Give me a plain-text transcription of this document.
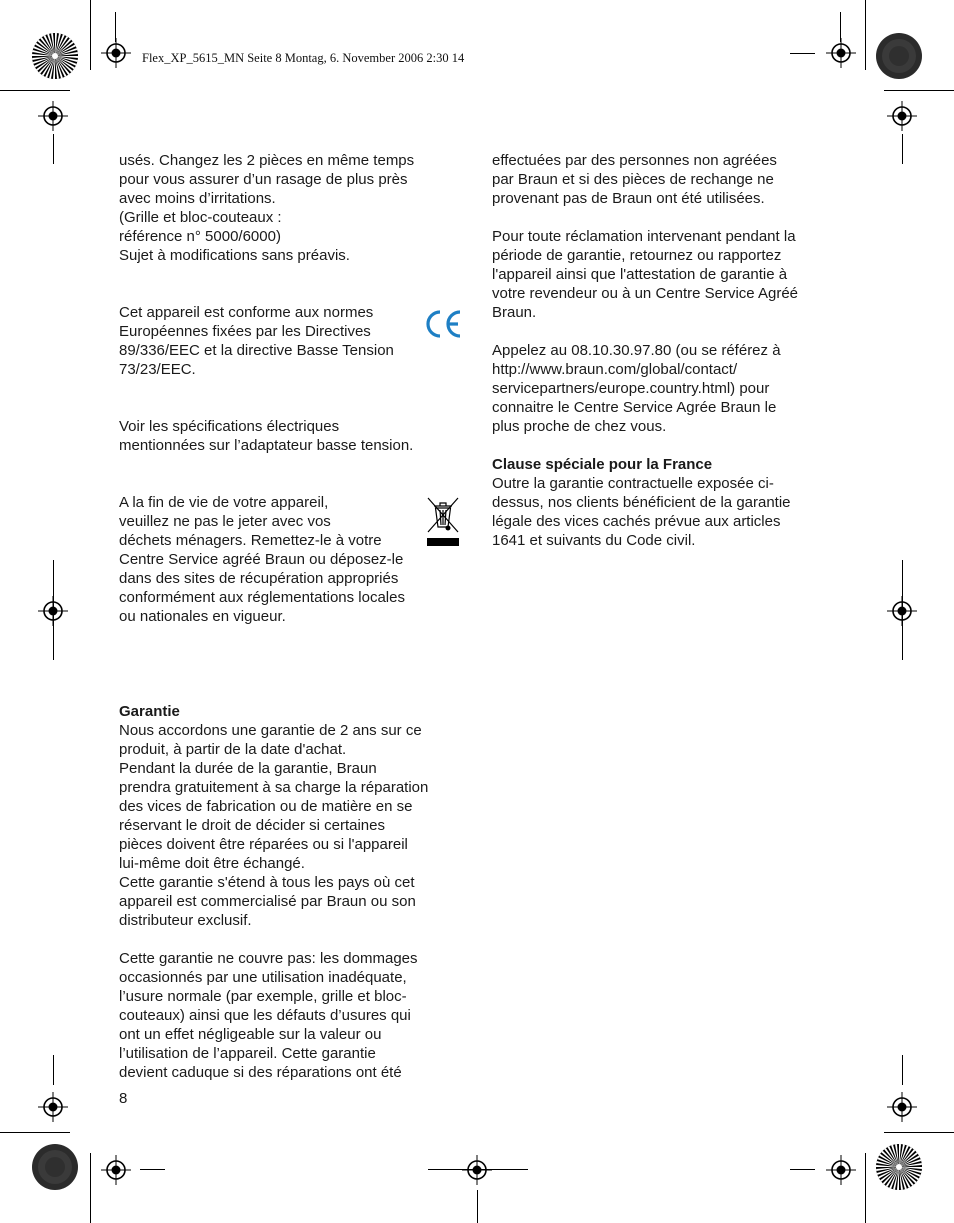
Flex_XP_5615_MN Seite 8 Montag, 6. November 2006 2:30 14

usés. Changez les 2 pièces en même temps
pour vous assurer d’un rasage de plus près
avec moins d’irritations.
(Grille et bloc-couteaux :
référence n° 5000/6000)
Sujet à modifications sans préavis.

Cet appareil est conforme aux normes
Européennes fixées par les Directives
89/336/EEC et la directive Basse Tension
73/23/EEC.

Voir les spécifications électriques
mentionnées sur l’adaptateur basse tension.

A la fin de vie de votre appareil,
veuillez ne pas le jeter avec vos
déchets ménagers. Remettez-le à votre
Centre Service agréé Braun ou déposez-le
dans des sites de récupération appropriés
conformément aux réglementations locales
ou nationales en vigueur.

Garantie

Nous accordons une garantie de 2 ans sur ce
produit, à partir de la date d'achat.
Pendant la durée de la garantie, Braun
prendra gratuitement à sa charge la réparation
des vices de fabrication ou de matière en se
réservant le droit de décider si certaines
pièces doivent être réparées ou si l'appareil
lui-même doit être échangé.
Cette garantie s'étend à tous les pays où cet
appareil est commercialisé par Braun ou son
distributeur exclusif.

Cette garantie ne couvre pas: les dommages
occasionnés par une utilisation inadéquate,
l’usure normale (par exemple, grille et bloc-
couteaux) ainsi que les défauts d’usures qui
ont un effet négligeable sur la valeur ou
l’utilisation de l’appareil. Cette garantie
devient caduque si des réparations ont été

effectuées par des personnes non agréées
par Braun et si des pièces de rechange ne
provenant pas de Braun ont été utilisées.

Pour toute réclamation intervenant pendant la
période de garantie, retournez ou rapportez
l'appareil ainsi que l'attestation de garantie à
votre revendeur ou à un Centre Service Agréé
Braun.

Appelez au 08.10.30.97.80 (ou se référez à
http://www.braun.com/global/contact/
servicepartners/europe.country.html) pour
connaitre le Centre Service Agrée Braun le
plus proche de chez vous.

Clause spéciale pour la France

Outre la garantie contractuelle exposée ci-
dessus, nos clients bénéficient de la garantie
légale des vices cachés prévue aux articles
1641 et suivants du Code civil.

8
